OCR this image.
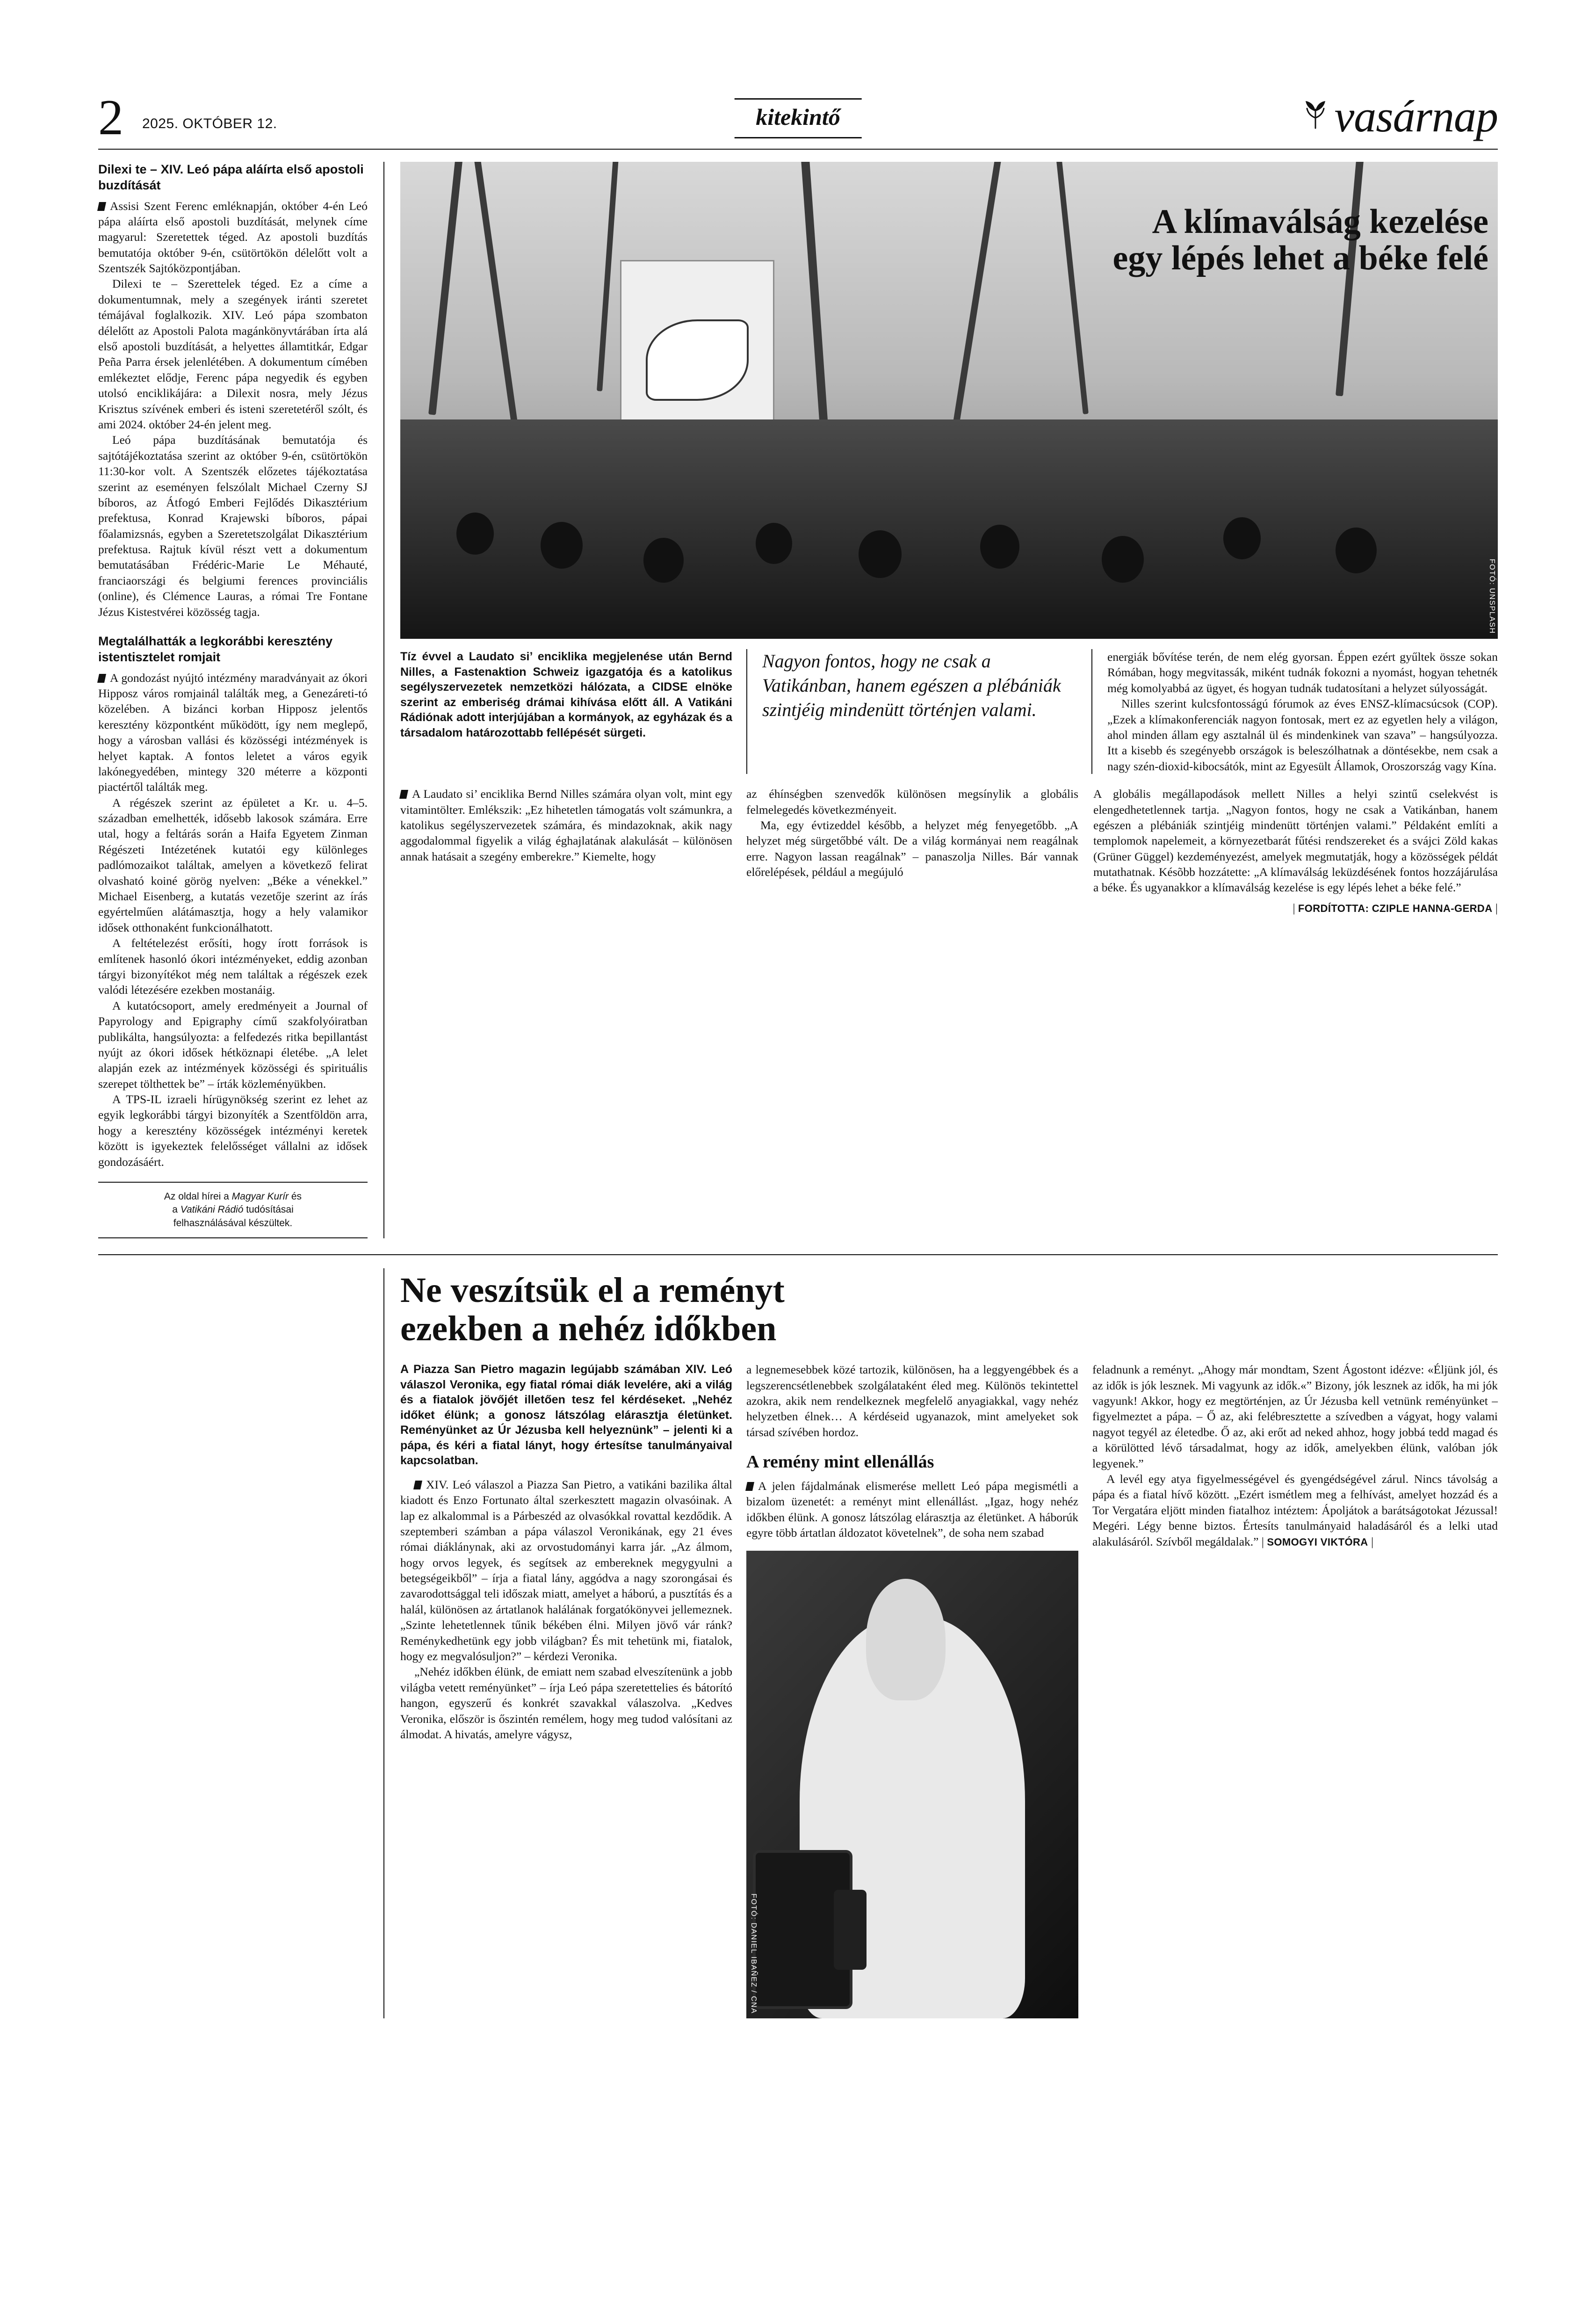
2 2025. OKTÓBER 12.	kitekintő	vasárnap
Dilexi te – XIV. Leó pápa aláírta első apostoli buzdítását

Assisi Szent Ferenc emléknapján, október 4-én Leó pápa aláírta első apostoli buzdítását, melynek címe magyarul: Szeretettek téged. Az apostoli buzdítás bemutatója október 9-én, csütörtökön délelőtt volt a Szentszék Sajtóközpontjában.

Dilexi te – Szerettelek téged. Ez a címe a dokumentumnak, mely a szegények iránti szeretet témájával foglalkozik. XIV. Leó pápa szombaton délelőtt az Apostoli Palota magánkönyvtárában írta alá első apostoli buzdítását, a helyettes államtitkár, Edgar Peña Parra érsek jelenlétében. A dokumentum címében emlékeztet elődje, Ferenc pápa negyedik és egyben utolsó enciklikájára: a Dilexit nosra, mely Jézus Krisztus szívének emberi és isteni szeretetéről szólt, és ami 2024. október 24-én jelent meg.

Leó pápa buzdításának bemutatója és sajtótájékoztatása szerint az október 9-én, csütörtökön 11:30-kor volt. A Szentszék előzetes tájékoztatása szerint az eseményen felszólalt Michael Czerny SJ bíboros, az Átfogó Emberi Fejlődés Dikasztérium prefektusa, Konrad Krajewski bíboros, pápai főalamizsnás, egyben a Szeretetszolgálat Dikasztérium prefektusa. Rajtuk kívül részt vett a dokumentum bemutatásában Frédéric-Marie Le Méhauté, franciaországi és belgiumi ferences provinciális (online), és Clémence Lauras, a római Tre Fontane Jézus Kistestvérei közösség tagja.

Megtalálhatták a legkorábbi keresztény istentisztelet romjait

A gondozást nyújtó intézmény maradványait az ókori Hipposz város romjainál találták meg, a Genezáreti-tó közelében. A bizánci korban Hipposz jelentős keresztény központként működött, így nem meglepő, hogy a városban vallási és közösségi intézmények is helyet kaptak. A fontos leletet a város egyik lakónegyedében, mintegy 320 méterre a központi piactértől találták meg.

A régészek szerint az épületet a Kr. u. 4–5. században emelhették, idősebb lakosok számára. Erre utal, hogy a feltárás során a Haifa Egyetem Zinman Régészeti Intézetének kutatói egy különleges padlómozaikot találtak, amelyen a következő felirat olvasható koiné görög nyelven: „Béke a vénekkel.” Michael Eisenberg, a kutatás vezetője szerint az írás egyértelműen alátámasztja, hogy a hely valamikor idősek otthonaként funkcionálhatott.

A feltételezést erősíti, hogy írott források is említenek hasonló ókori intézményeket, eddig azonban tárgyi bizonyítékot még nem találtak a régészek ezek valódi létezésére ezekben mostanáig.

A kutatócsoport, amely eredményeit a Journal of Papyrology and Epigraphy című szakfolyóiratban publikálta, hangsúlyozta: a felfedezés ritka bepillantást nyújt az ókori idősek hétköznapi életébe. „A lelet alapján ezek az intézmények közösségi és spirituális szerepet tölthettek be” – írták közleményükben.

A TPS-IL izraeli hírügynökség szerint ez lehet az egyik legkorábbi tárgyi bizonyíték a Szentföldön arra, hogy a keresztény közösségek intézményi keretek között is igyekeztek felelősséget vállalni az idősek gondozásáért.

Az oldal hírei a Magyar Kurír és
a Vatikáni Rádió tudósításai
felhasználásával készültek.
FOTÓ: UNSPLASH
A klímaválság kezelése
egy lépés lehet a béke felé

Tíz évvel a Laudato si’ enciklika megjelenése után Bernd Nilles, a Fastenaktion Schweiz igazgatója és a katolikus segélyszervezetek nemzetközi hálózata, a CIDSE elnöke szerint az emberiség drámai kihívása előtt áll. A Vatikáni Rádiónak adott interjújában a kormányok, az egyházak és a társadalom határozottabb fellépését sürgeti.

Nagyon fontos, hogy ne csak a Vatikánban, hanem egészen a plébániák szintjéig mindenütt történjen valami.

energiák bővítése terén, de nem elég gyorsan. Éppen ezért gyűltek össze sokan Rómában, hogy megvitassák, miként tudnák fokozni a nyomást, hogyan tehetnék még komolyabbá az ügyet, és hogyan tudnák tudatosítani a helyzet súlyosságát.

Nilles szerint kulcsfontosságú fórumok az éves ENSZ-klímacsúcsok (COP). „Ezek a klímakonferenciák nagyon fontosak, mert ez az egyetlen hely a világon, ahol minden állam egy asztalnál ül és mindenkinek van szava” – hangsúlyozza. Itt a kisebb és szegényebb országok is beleszólhatnak a döntésekbe, nem csak a nagy szén-dioxid-kibocsátók, mint az Egyesült Államok, Oroszország vagy Kína.

A Laudato si’ enciklika Bernd Nilles számára olyan volt, mint egy vitamintölteт. Emlékszik: „Ez hihetetlen támogatás volt számunkra, a katolikus segélyszervezetek számára, és mindazoknak, akik nagy aggodalommal figyelik a világ éghajlatának alakulását – különösen annak hatásait a szegény emberekre.” Kiemelte, hogy

az éhínségben szenvedők különösen megsínylik a globális felmelegedés következményeit.

Ma, egy évtizeddel később, a helyzet még fenyegetőbb. „A helyzet még sürgetőbbé vált. De a világ kormányai nem reagálnak erre. Nagyon lassan reagálnak” – panaszolja Nilles. Bár vannak előrelépések, például a megújuló

A globális megállapodások mellett Nilles a helyi szintű cselekvést is elengedhetetlennek tartja. „Nagyon fontos, hogy ne csak a Vatikánban, hanem egészen a plébániák szintjéig mindenütt történjen valami.” Példaként említi a templomok napelemeit, a környezetbarát fűtési rendszereket és a svájci Zöld kakas (Grüner Güggel) kezdeményezést, amelyek megmutatják, hogy a közösségek példát mutathatnak. Késõbb hozzátette: „A klímaválság leküzdésének fontos hozzájárulása a béke. És ugyanakkor a klímaválság kezelése is egy lépés lehet a béke felé.”

| FORDÍTOTTA: CZIPLE HANNA-GERDA |

Ne veszítsük el a reményt
ezekben a nehéz időkben

A Piazza San Pietro magazin legújabb számában XIV. Leó válaszol Veronika, egy fiatal római diák levelére, aki a világ és a fiatalok jövőjét illetően tesz fel kérdéseket. „Nehéz időket élünk; a gonosz látszólag elárasztja életünket. Reményünket az Úr Jézusba kell helyeznünk” – jelenti ki a pápa, és kéri a fiatal lányt, hogy értesítse tanulmányaival kapcsolatban.

XIV. Leó válaszol a Piazza San Pietro, a vatikáni bazilika által kiadott és Enzo Fortunato által szerkesztett magazin olvasóinak. A lap ez alkalommal is a Párbeszéd az olvasókkal rovattal kezdődik. A szeptemberi számban a pápa válaszol Veronikának, egy 21 éves római diáklánynak, aki az orvostudományi karra jár. „Az álmom, hogy orvos legyek, és segítsek az embereknek megygyulni a betegségeikből” – írja a fiatal lány, aggódva a nagy szorongásai és zavarodottsággal teli időszak miatt, amelyet a háború, a pusztítás és a halál, különösen az ártatlanok halálának forgatókönyvei jellemeznek. „Szinte lehetetlennek tűnik békében élni. Milyen jövő vár ránk? Reménykedhetünk egy jobb világban? És mit tehetünk mi, fiatalok, hogy ez megvalósuljon?” – kérdezi Veronika.

„Nehéz időkben élünk, de emiatt nem szabad elveszítenünk a jobb világba vetett reményünket” – írja Leó pápa szeretettelies és bátorító hangon, egyszerű és konkrét szavakkal válaszolva. „Kedves Veronika, először is őszintén remélem, hogy meg tudod valósítani az álmodat. A hivatás, amelyre vágysz,

a legnemesebbek közé tartozik, különösen, ha a leggyengébbek és a legszerencsétlenebbek szolgálataként éled meg. Különös tekintettel azokra, akik nem rendelkeznek megfelelő anyagiakkal, vagy nehéz helyzetben élnek… A kérdéseid ugyanazok, mint amelyeket sok társad szívében hordoz.

A remény mint ellenállás

A jelen fájdalmának elismerése mellett Leó pápa megismétli a bizalom üzenetét: a reményt mint ellenállást. „Igaz, hogy nehéz időkben élünk. A gonosz látszólag elárasztja az életünket. A háborúk egyre több ártatlan áldozatot követelnek”, de soha nem szabad

FOTÓ: DANIEL IBAÑEZ / CNA

feladnunk a reményt. „Ahogy már mondtam, Szent Ágostont idézve: «Éljünk jól, és az idők is jók lesznek. Mi vagyunk az idők.«” Bizony, jók lesznek az idők, ha mi jók vagyunk! Akkor, hogy ez megtörténjen, az Úr Jézusba kell vetnünk reményünket – figyelmeztet a pápa. – Ő az, aki felébresztette a szívedben a vágyat, hogy valami nagyot tegyél az életedbe. Ő az, aki erőt ad neked ahhoz, hogy jobbá tedd magad és a körülötted lévő társadalmat, hogy az idők, amelyekben élünk, valóban jók legyenek.”

A levél egy atya figyelmességével és gyengédségével zárul. Nincs távolság a pápa és a fiatal hívő között. „Ezért ismétlem meg a felhívást, amelyet hozzád és a Tor Vergatára eljött minden fiatalhoz intéztem: Ápoljátok a barátságotokat Jézussal! Megéri. Légy benne biztos. Értesíts tanulmányaid haladásáról és a lelki utad alakulásáról. Szívből megáldalak.” | SOMOGYI VIKTÓRA |
